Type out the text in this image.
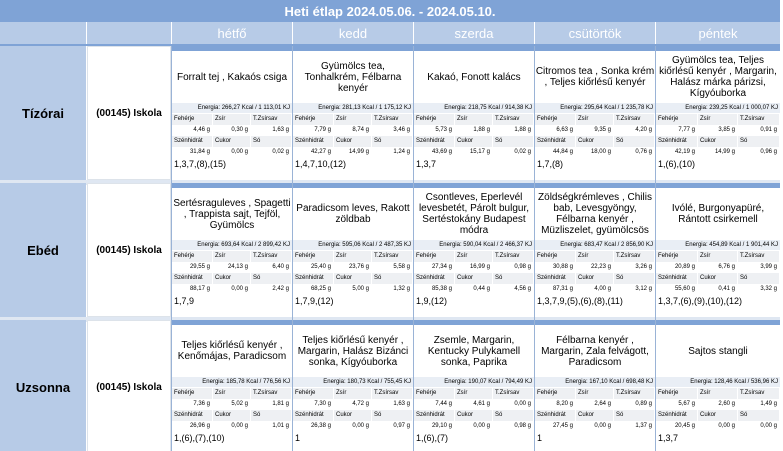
Heti étlap 2024.05.06. - 2024.05.10.
hétfő	kedd	szerda	csütörtök	péntek
Tízórai	(00145) Iskola
Forralt tej , Kakaós csiga
Energia: 266,27 Kcal / 1 113,01 KJ
Fehérje	Zsír	T.Zsírsav
4,46 g	0,30 g	1,63 g
Szénhidrát	Cukor	Só
31,84 g	0,00 g	0,02 g
1,3,7,(8),(15)
Gyümölcs tea, Tonhalkrém, Félbarna kenyér
Energia: 281,13 Kcal / 1 175,12 KJ
Fehérje	Zsír	T.Zsírsav
7,79 g	8,74 g	3,46 g
Szénhidrát	Cukor	Só
42,27 g	14,99 g	1,24 g
1,4,7,10,(12)
Kakaó, Fonott kalács
Energia: 218,75 Kcal / 914,38 KJ
Fehérje	Zsír	T.Zsírsav
5,73 g	1,88 g	1,88 g
Szénhidrát	Cukor	Só
43,69 g	15,17 g	0,02 g
1,3,7
Citromos tea , Sonka krém , Teljes kiőrlésű kenyér
Energia: 295,64 Kcal / 1 235,78 KJ
Fehérje	Zsír	T.Zsírsav
6,63 g	9,35 g	4,20 g
Szénhidrát	Cukor	Só
44,84 g	18,00 g	0,76 g
1,7,(8)
Gyümölcs tea, Teljes kiőrlésű kenyér , Margarin, Halász márka párizsi, Kígyóuborka
Energia: 239,25 Kcal / 1 000,07 KJ
Fehérje	Zsír	T.Zsírsav
7,77 g	3,85 g	0,91 g
Szénhidrát	Cukor	Só
42,19 g	14,99 g	0,96 g
1,(6),(10)
Ebéd	(00145) Iskola
Sertésraguleves , Spagetti , Trappista sajt, Tejföl, Gyümölcs
Energia: 693,64 Kcal / 2 899,42 KJ
Fehérje	Zsír	T.Zsírsav
29,55 g	24,13 g	6,40 g
Szénhidrát	Cukor	Só
88,17 g	0,00 g	2,42 g
1,7,9
Paradicsom leves, Rakott zöldbab
Energia: 595,06 Kcal / 2 487,35 KJ
Fehérje	Zsír	T.Zsírsav
25,40 g	23,76 g	5,58 g
Szénhidrát	Cukor	Só
68,25 g	5,00 g	1,32 g
1,7,9,(12)
Csontleves, Eperlevél levesbetét, Párolt bulgur, Sertéstokány Budapest módra
Energia: 590,04 Kcal / 2 466,37 KJ
Fehérje	Zsír	T.Zsírsav
27,34 g	16,99 g	0,98 g
Szénhidrát	Cukor	Só
85,38 g	0,44 g	4,56 g
1,9,(12)
Zöldségkrémleves , Chilis bab, Levesgyöngy, Félbarna kenyér , Müzliszelet, gyümölcsös
Energia: 683,47 Kcal / 2 856,90 KJ
Fehérje	Zsír	T.Zsírsav
30,88 g	22,23 g	3,26 g
Szénhidrát	Cukor	Só
87,31 g	4,00 g	3,12 g
1,3,7,9,(5),(6),(8),(11)
Ivólé, Burgonyapüré, Rántott csirkemell
Energia: 454,89 Kcal / 1 901,44 KJ
Fehérje	Zsír	T.Zsírsav
20,89 g	6,76 g	3,99 g
Szénhidrát	Cukor	Só
55,60 g	0,41 g	3,32 g
1,3,7,(6),(9),(10),(12)
Uzsonna	(00145) Iskola
Teljes kiőrlésű kenyér , Kenőmájas, Paradicsom
Energia: 185,78 Kcal / 776,56 KJ
Fehérje	Zsír	T.Zsírsav
7,36 g	5,02 g	1,81 g
Szénhidrát	Cukor	Só
26,96 g	0,00 g	1,01 g
1,(6),(7),(10)
Teljes kiőrlésű kenyér , Margarin, Halász Bizánci sonka, Kígyóuborka
Energia: 180,73 Kcal / 755,45 KJ
Fehérje	Zsír	T.Zsírsav
7,30 g	4,72 g	1,63 g
Szénhidrát	Cukor	Só
26,38 g	0,00 g	0,97 g
1
Zsemle, Margarin, Kentucky Pulykamell sonka, Paprika
Energia: 190,07 Kcal / 794,49 KJ
Fehérje	Zsír	T.Zsírsav
7,44 g	4,61 g	0,00 g
Szénhidrát	Cukor	Só
29,10 g	0,00 g	0,98 g
1,(6),(7)
Félbarna kenyér , Margarin, Zala felvágott, Paradicsom
Energia: 167,10 Kcal / 698,48 KJ
Fehérje	Zsír	T.Zsírsav
8,20 g	2,64 g	0,89 g
Szénhidrát	Cukor	Só
27,45 g	0,00 g	1,37 g
1
Sajtos stangli
Energia: 128,46 Kcal / 536,96 KJ
Fehérje	Zsír	T.Zsírsav
5,67 g	2,60 g	1,49 g
Szénhidrát	Cukor	Só
20,45 g	0,00 g	0,00 g
1,3,7
